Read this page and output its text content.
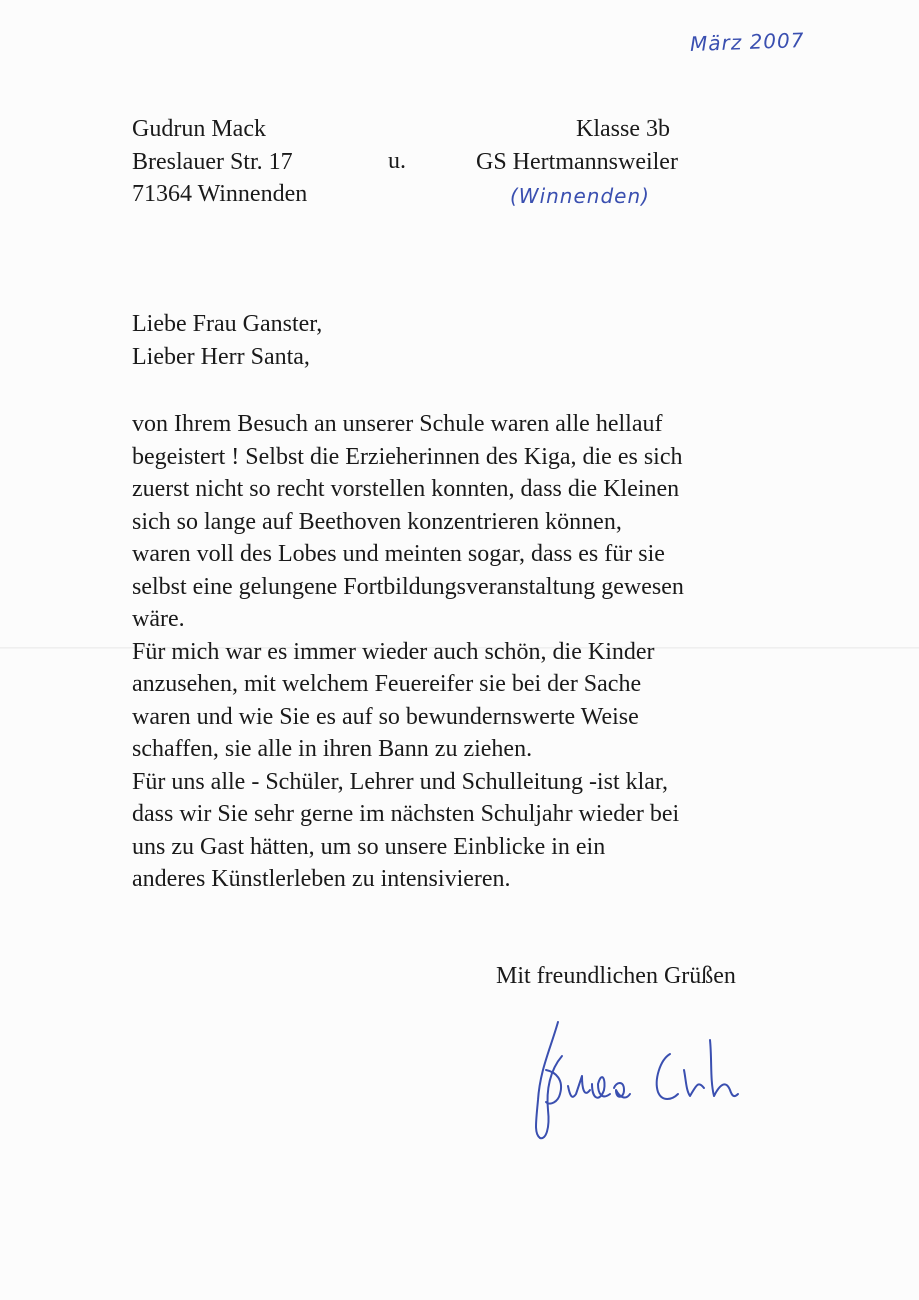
März 2007
Gudrun Mack
Breslauer Str. 17
71364 Winnenden
u.
Klasse 3b
GS Hertmannsweiler
(Winnenden)
Liebe Frau Ganster,
Lieber Herr Santa,
von Ihrem Besuch an unserer Schule waren alle hellauf
begeistert ! Selbst die Erzieherinnen des Kiga, die es sich
zuerst nicht so recht vorstellen konnten, dass die Kleinen
sich so lange auf Beethoven konzentrieren können,
waren voll des Lobes und meinten sogar, dass es für sie
selbst eine gelungene Fortbildungsveranstaltung gewesen
wäre.
Für mich war es immer wieder auch schön, die Kinder
anzusehen, mit welchem Feuereifer sie bei der Sache
waren und wie Sie es auf so bewundernswerte Weise
schaffen, sie alle in ihren Bann zu ziehen.
Für uns alle - Schüler, Lehrer und Schulleitung -ist klar,
dass wir Sie sehr gerne im nächsten Schuljahr wieder bei
uns zu Gast hätten, um so unsere Einblicke in ein
anderes Künstlerleben zu intensivieren.
Mit freundlichen Grüßen
